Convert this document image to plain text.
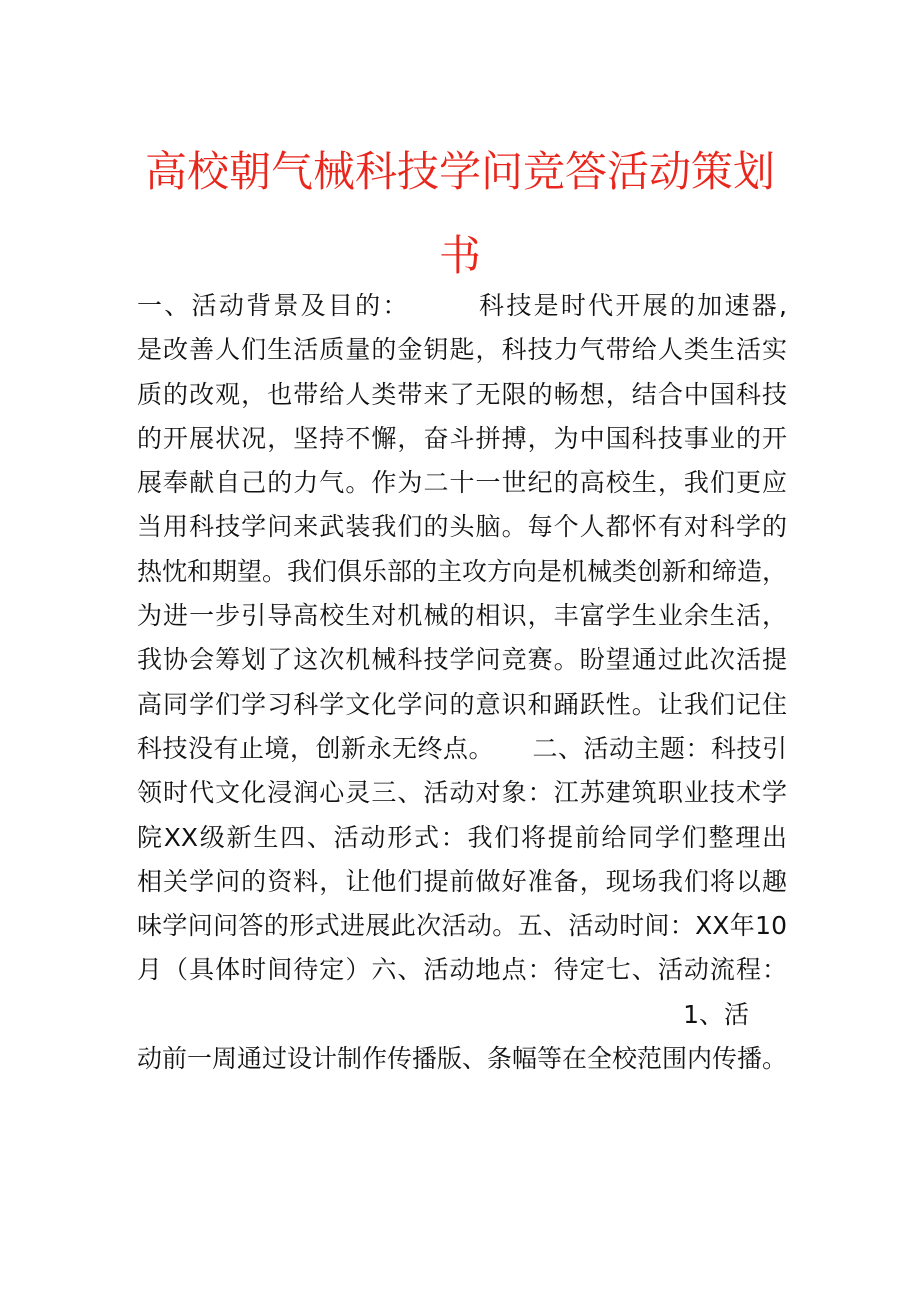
高校朝气械科技学问竞答活动策划
书
一、活动背景及目的：　　　科技是时代开展的加速器,
是改善人们生活质量的金钥匙，科技力气带给人类生活实
质的改观，也带给人类带来了无限的畅想，结合中国科技
的开展状况，坚持不懈，奋斗拼搏，为中国科技事业的开
展奉献自己的力气。作为二十一世纪的高校生，我们更应
当用科技学问来武装我们的头脑。每个人都怀有对科学的
热忱和期望。我们俱乐部的主攻方向是机械类创新和缔造，
为进一步引导高校生对机械的相识，丰富学生业余生活，
我协会筹划了这次机械科技学问竞赛。盼望通过此次活提
高同学们学习科学文化学问的意识和踊跃性。让我们记住
科技没有止境，创新永无终点。　　二、活动主题：科技引
领时代文化浸润心灵三、活动对象：江苏建筑职业技术学
院XX级新生四、活动形式：我们将提前给同学们整理出
相关学问的资料，让他们提前做好准备，现场我们将以趣
味学问问答的形式进展此次活动。五、活动时间：XX年10
月（具体时间待定）六、活动地点：待定七、活动流程：
1、活
动前一周通过设计制作传播版、条幅等在全校范围内传播。
